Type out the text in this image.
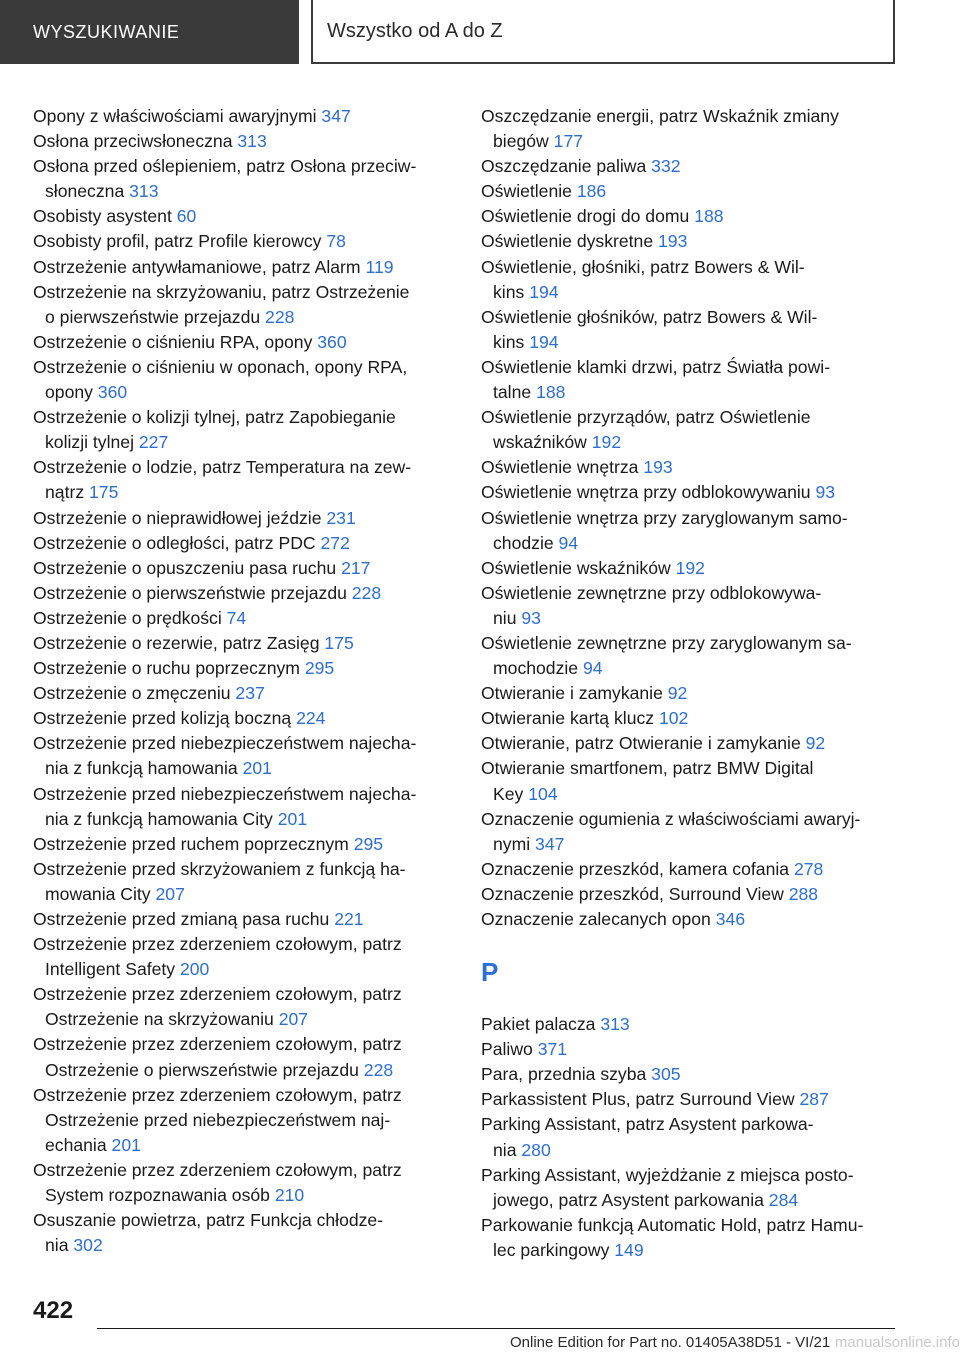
WYSZUKIWANIE	Wszystko od A do Z
Opony z właściwościami awaryjnymi 347
Osłona przeciwsłoneczna 313
Osłona przed oślepieniem, patrz Osłona przeciw‐
słoneczna 313
Osobisty asystent 60
Osobisty profil, patrz Profile kierowcy 78
Ostrzeżenie antywłamaniowe, patrz Alarm 119
Ostrzeżenie na skrzyżowaniu, patrz Ostrzeżenie
o pierwszeństwie przejazdu 228
Ostrzeżenie o ciśnieniu RPA, opony 360
Ostrzeżenie o ciśnieniu w oponach, opony RPA,
opony 360
Ostrzeżenie o kolizji tylnej, patrz Zapobieganie
kolizji tylnej 227
Ostrzeżenie o lodzie, patrz Temperatura na zew‐
nątrz 175
Ostrzeżenie o nieprawidłowej jeździe 231
Ostrzeżenie o odległości, patrz PDC 272
Ostrzeżenie o opuszczeniu pasa ruchu 217
Ostrzeżenie o pierwszeństwie przejazdu 228
Ostrzeżenie o prędkości 74
Ostrzeżenie o rezerwie, patrz Zasięg 175
Ostrzeżenie o ruchu poprzecznym 295
Ostrzeżenie o zmęczeniu 237
Ostrzeżenie przed kolizją boczną 224
Ostrzeżenie przed niebezpieczeństwem najecha‐
nia z funkcją hamowania 201
Ostrzeżenie przed niebezpieczeństwem najecha‐
nia z funkcją hamowania City 201
Ostrzeżenie przed ruchem poprzecznym 295
Ostrzeżenie przed skrzyżowaniem z funkcją ha‐
mowania City 207
Ostrzeżenie przed zmianą pasa ruchu 221
Ostrzeżenie przez zderzeniem czołowym, patrz
Intelligent Safety 200
Ostrzeżenie przez zderzeniem czołowym, patrz
Ostrzeżenie na skrzyżowaniu 207
Ostrzeżenie przez zderzeniem czołowym, patrz
Ostrzeżenie o pierwszeństwie przejazdu 228
Ostrzeżenie przez zderzeniem czołowym, patrz
Ostrzeżenie przed niebezpieczeństwem naj‐
echania 201
Ostrzeżenie przez zderzeniem czołowym, patrz
System rozpoznawania osób 210
Osuszanie powietrza, patrz Funkcja chłodze‐
nia 302
Oszczędzanie energii, patrz Wskaźnik zmiany
biegów 177
Oszczędzanie paliwa 332
Oświetlenie 186
Oświetlenie drogi do domu 188
Oświetlenie dyskretne 193
Oświetlenie, głośniki, patrz Bowers & Wil‐
kins 194
Oświetlenie głośników, patrz Bowers & Wil‐
kins 194
Oświetlenie klamki drzwi, patrz Światła powi‐
talne 188
Oświetlenie przyrządów, patrz Oświetlenie
wskaźników 192
Oświetlenie wnętrza 193
Oświetlenie wnętrza przy odblokowywaniu 93
Oświetlenie wnętrza przy zaryglowanym samo‐
chodzie 94
Oświetlenie wskaźników 192
Oświetlenie zewnętrzne przy odblokowywa‐
niu 93
Oświetlenie zewnętrzne przy zaryglowanym sa‐
mochodzie 94
Otwieranie i zamykanie 92
Otwieranie kartą klucz 102
Otwieranie, patrz Otwieranie i zamykanie 92
Otwieranie smartfonem, patrz BMW Digital
Key 104
Oznaczenie ogumienia z właściwościami awaryj‐
nymi 347
Oznaczenie przeszkód, kamera cofania 278
Oznaczenie przeszkód, Surround View 288
Oznaczenie zalecanych opon 346
P
Pakiet palacza 313
Paliwo 371
Para, przednia szyba 305
Parkassistent Plus, patrz Surround View 287
Parking Assistant, patrz Asystent parkowa‐
nia 280
Parking Assistant, wyjeżdżanie z miejsca posto‐
jowego, patrz Asystent parkowania 284
Parkowanie funkcją Automatic Hold, patrz Hamu‐
lec parkingowy 149
422
Online Edition for Part no. 01405A38D51 - VI/21 manualsonline.info
